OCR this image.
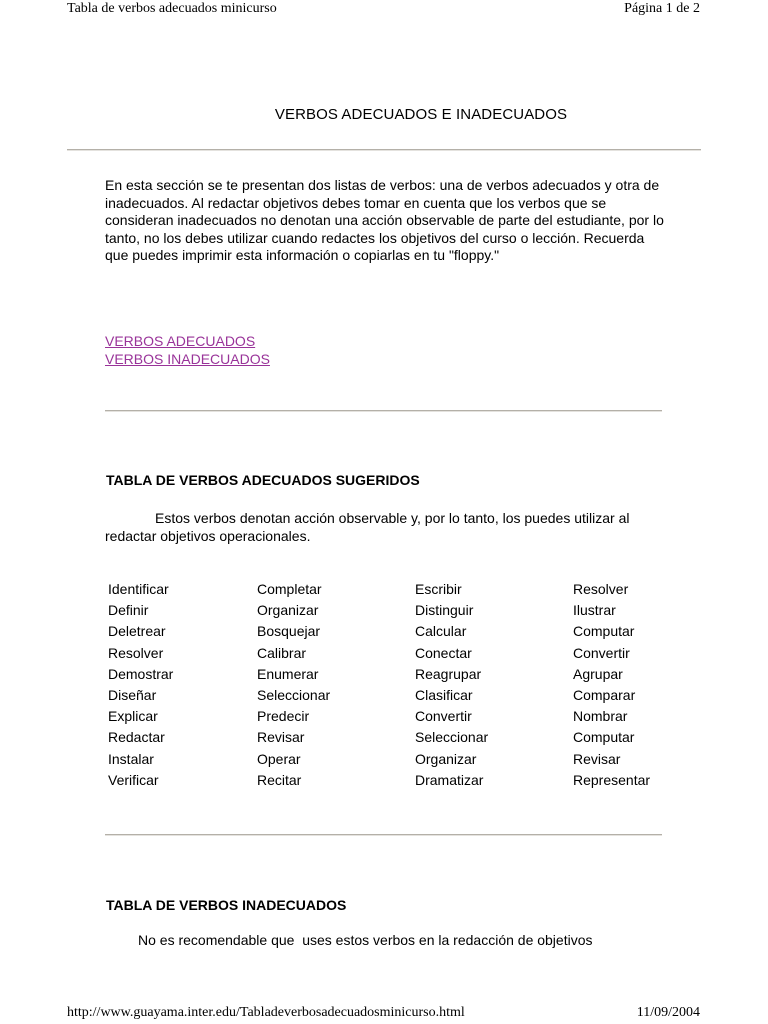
Tabla de verbos adecuados minicurso	Página 1 de 2
VERBOS ADECUADOS E INADECUADOS
En esta sección se te presentan dos listas de verbos: una de verbos adecuados y otra de inadecuados. Al redactar objetivos debes tomar en cuenta que los verbos que se consideran inadecuados no denotan una acción observable de parte del estudiante, por lo tanto, no los debes utilizar cuando redactes los objetivos del curso o lección. Recuerda que puedes imprimir esta información o copiarlas en tu "floppy."
VERBOS ADECUADOS
VERBOS INADECUADOS
TABLA DE VERBOS ADECUADOS SUGERIDOS
Estos verbos denotan acción observable y, por lo tanto, los puedes utilizar al redactar objetivos operacionales.
Identificar
Definir
Deletrear
Resolver
Demostrar
Diseñar
Explicar
Redactar
Instalar
Verificar
Completar
Organizar
Bosquejar
Calibrar
Enumerar
Seleccionar
Predecir
Revisar
Operar
Recitar
Escribir
Distinguir
Calcular
Conectar
Reagrupar
Clasificar
Convertir
Seleccionar
Organizar
Dramatizar
Resolver
Ilustrar
Computar
Convertir
Agrupar
Comparar
Nombrar
Computar
Revisar
Representar
TABLA DE VERBOS INADECUADOS
No es recomendable que  uses estos verbos en la redacción de objetivos
http://www.guayama.inter.edu/Tabladeverbosadecuadosminicurso.html	11/09/2004
